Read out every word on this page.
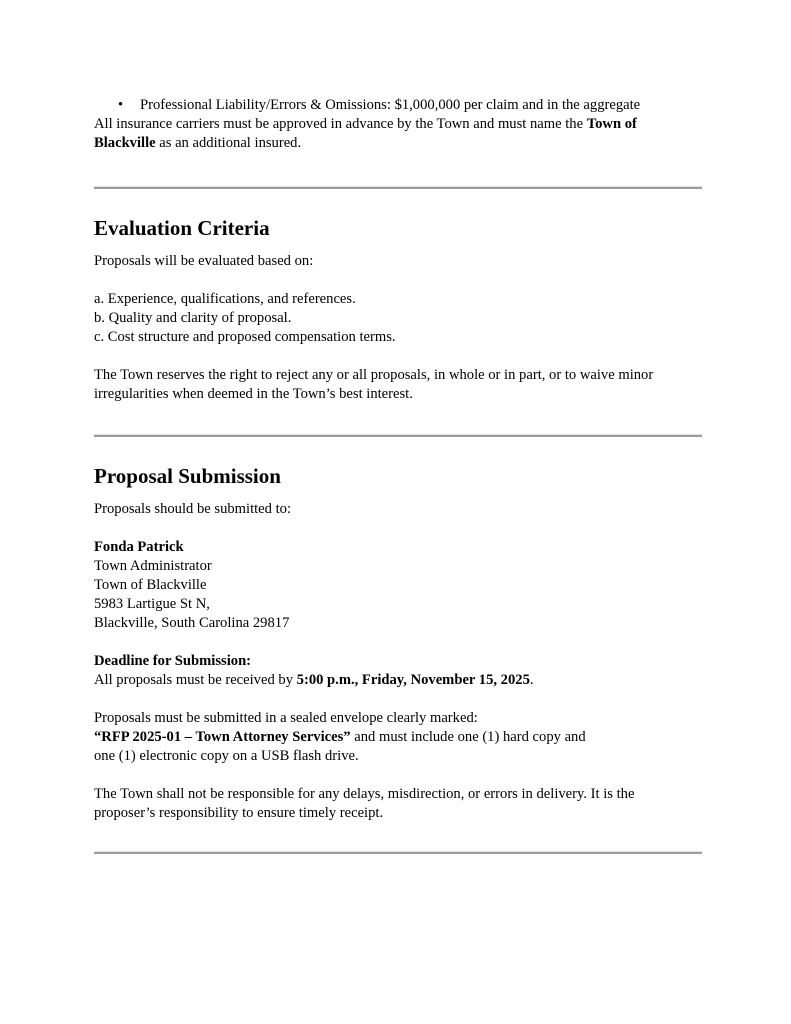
• Professional Liability/Errors & Omissions: $1,000,000 per claim and in the aggregate
All insurance carriers must be approved in advance by the Town and must name the Town of
Blackville as an additional insured.
Evaluation Criteria
Proposals will be evaluated based on:
a. Experience, qualifications, and references.
b. Quality and clarity of proposal.
c. Cost structure and proposed compensation terms.
The Town reserves the right to reject any or all proposals, in whole or in part, or to waive minor
irregularities when deemed in the Town’s best interest.
Proposal Submission
Proposals should be submitted to:
Fonda Patrick
Town Administrator
Town of Blackville
5983 Lartigue St N,
Blackville, South Carolina 29817
Deadline for Submission:
All proposals must be received by 5:00 p.m., Friday, November 15, 2025.
Proposals must be submitted in a sealed envelope clearly marked:
“RFP 2025-01 – Town Attorney Services” and must include one (1) hard copy and
one (1) electronic copy on a USB flash drive.
The Town shall not be responsible for any delays, misdirection, or errors in delivery. It is the
proposer’s responsibility to ensure timely receipt.
